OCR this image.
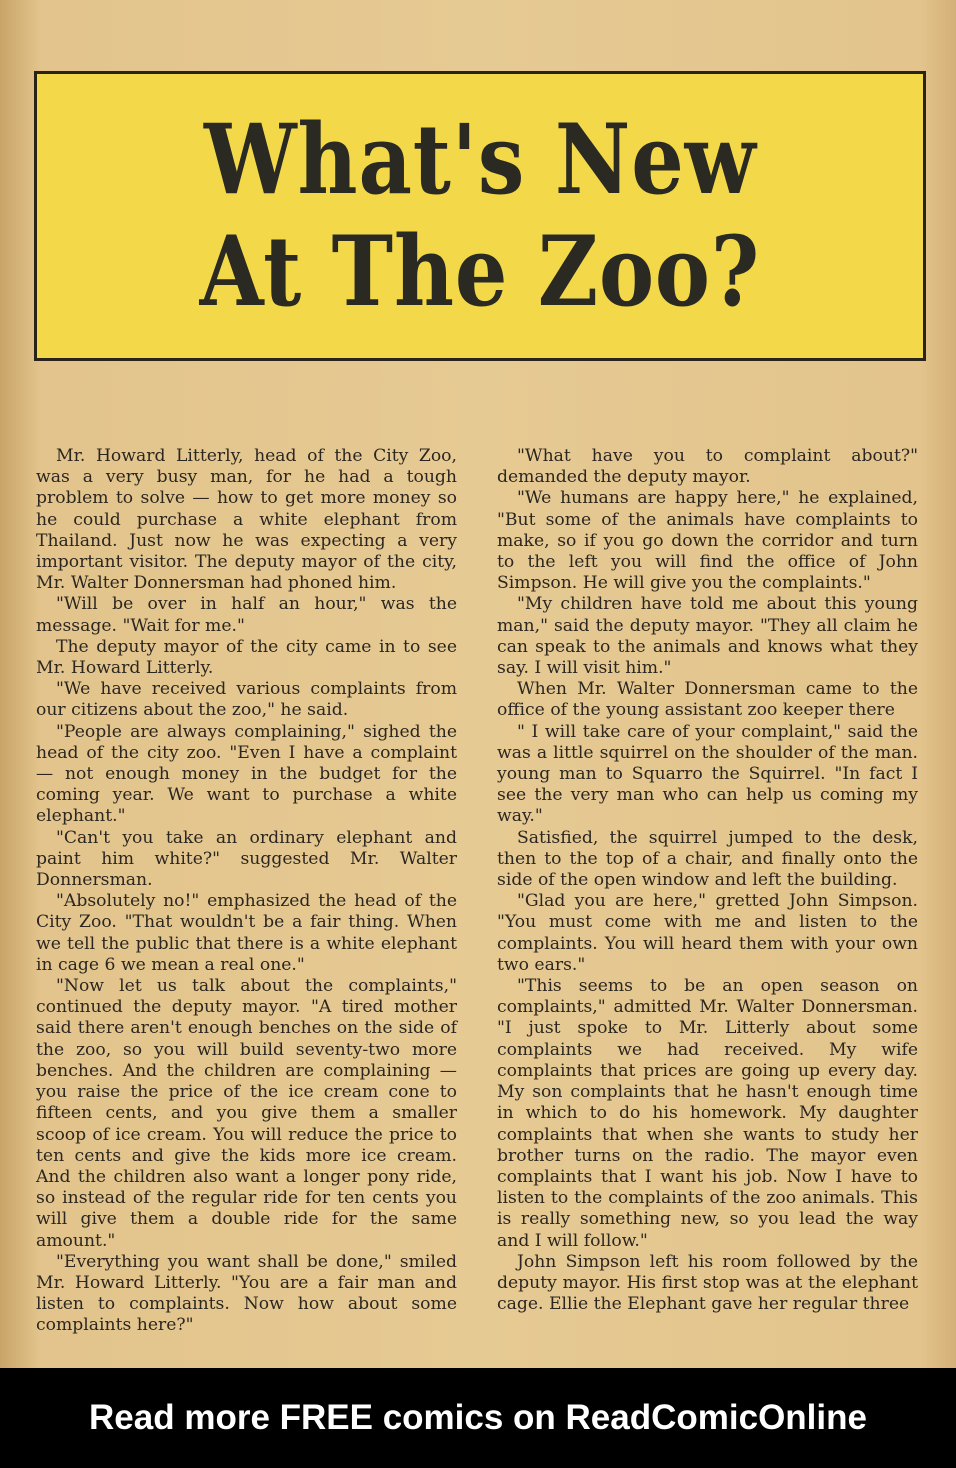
What's New
At The Zoo?

Mr. Howard Litterly, head of the City Zoo, was a very busy man, for he had a tough problem to solve — how to get more money so he could purchase a white elephant from Thailand. Just now he was expecting a very important visitor. The deputy mayor of the city, Mr. Walter Donnersman had phoned him.

"Will be over in half an hour," was the message. "Wait for me."

The deputy mayor of the city came in to see Mr. Howard Litterly.

"We have received various complaints from our citizens about the zoo," he said.

"People are always complaining," sighed the head of the city zoo. "Even I have a complaint — not enough money in the budget for the coming year. We want to purchase a white elephant."

"Can't you take an ordinary elephant and paint him white?" suggested Mr. Walter Donnersman.

"Absolutely no!" emphasized the head of the City Zoo. "That wouldn't be a fair thing. When we tell the public that there is a white elephant in cage 6 we mean a real one."

"Now let us talk about the complaints," continued the deputy mayor. "A tired mother said there aren't enough benches on the side of the zoo, so you will build seventy-two more benches. And the children are complaining — you raise the price of the ice cream cone to fifteen cents, and you give them a smaller scoop of ice cream. You will reduce the price to ten cents and give the kids more ice cream. And the children also want a longer pony ride, so instead of the regular ride for ten cents you will give them a double ride for the same amount."

"Everything you want shall be done," smiled Mr. Howard Litterly. "You are a fair man and listen to complaints. Now how about some complaints here?"

"What have you to complaint about?" demanded the deputy mayor.

"We humans are happy here," he explained, "But some of the animals have complaints to make, so if you go down the corridor and turn to the left you will find the office of John Simpson. He will give you the complaints."

"My children have told me about this young man," said the deputy mayor. "They all claim he can speak to the animals and knows what they say. I will visit him."

When Mr. Walter Donnersman came to the office of the young assistant zoo keeper there

" I will take care of your complaint," said the was a little squirrel on the shoulder of the man. young man to Squarro the Squirrel. "In fact I see the very man who can help us coming my way."

Satisfied, the squirrel jumped to the desk, then to the top of a chair, and finally onto the side of the open window and left the building.

"Glad you are here," gretted John Simpson. "You must come with me and listen to the complaints. You will heard them with your own two ears."

"This seems to be an open season on complaints," admitted Mr. Walter Donnersman. "I just spoke to Mr. Litterly about some complaints we had received. My wife complaints that prices are going up every day. My son complaints that he hasn't enough time in which to do his homework. My daughter complaints that when she wants to study her brother turns on the radio. The mayor even complaints that I want his job. Now I have to listen to the complaints of the zoo animals. This is really something new, so you lead the way and I will follow."

John Simpson left his room followed by the deputy mayor. His first stop was at the elephant cage. Ellie the Elephant gave her regular three

Read more FREE comics on ReadComicOnline
